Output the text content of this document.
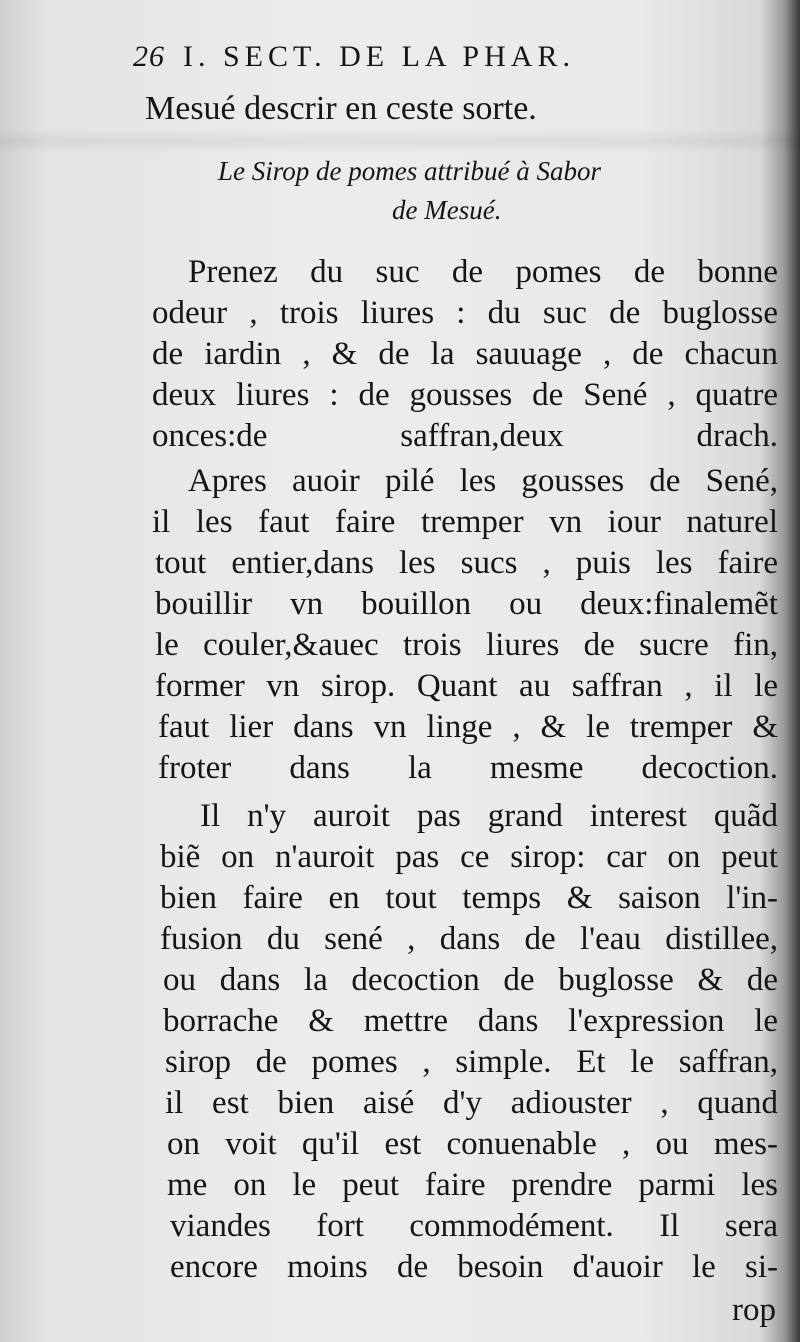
26 I. SECT. DE LA PHAR.
Mesué descrir en ceste sorte.
Le Sirop de pomes attribué à Sabor
de Mesué.
Prenez du suc de pomes de bonne
odeur , trois liures : du suc de buglosse
de iardin , & de la sauuage , de chacun
deux liures : de gousses de Sené , quatre
onces:de saffran,deux drach.
Apres auoir pilé les gousses de Sené,
il les faut faire tremper vn iour naturel
tout entier,dans les sucs , puis les faire
bouillir vn bouillon ou deux:finalemẽt
le couler,&auec trois liures de sucre fin,
former vn sirop. Quant au saffran , il le
faut lier dans vn linge , & le tremper &
froter dans la mesme decoction.
Il n'y auroit pas grand interest quãd
biẽ on n'auroit pas ce sirop: car on peut
bien faire en tout temps & saison l'in-
fusion du sené , dans de l'eau distillee,
ou dans la decoction de buglosse & de
borrache & mettre dans l'expression le
sirop de pomes , simple. Et le saffran,
il est bien aisé d'y adiouster , quand
on voit qu'il est conuenable , ou mes-
me on le peut faire prendre parmi les
viandes fort commodément. Il sera
encore moins de besoin d'auoir le si-
rop
